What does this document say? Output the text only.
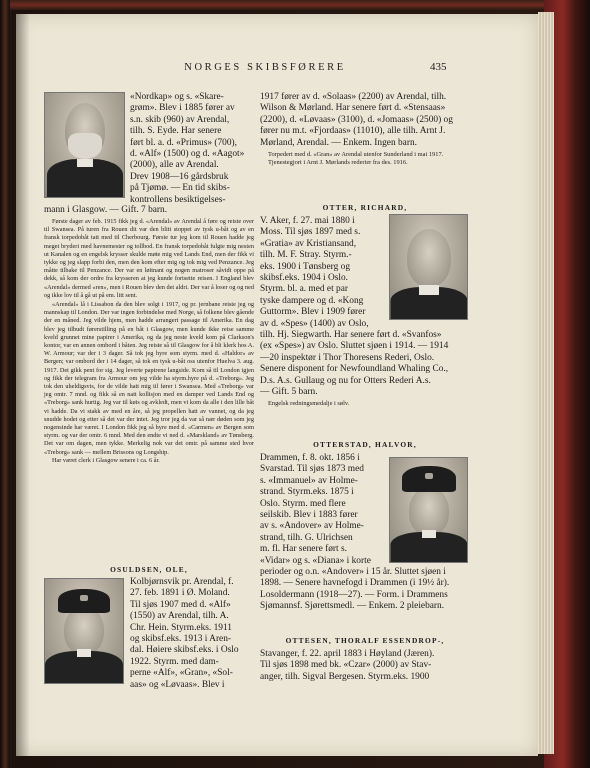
NORGES SKIBSFØRERE	435

«Nordkap» og s. «Skare-

grøm». Blev i 1885 fører av

s.n. skib (960) av Arendal,

tilh. S. Eyde. Har senere

ført bl. a. d. «Primus» (700),

d. «Alf» (1500) og d. «Aagot»

(2000), alle av Arendal.

Drev 1908—16 gårdsbruk

på Tjømø. — En tid skibs-

kontrollens besiktigelses-

mann i Glasgow. — Gift. 7 barn.

Første dager av feb. 1915 fikk jeg d. «Arendal» av Arendal å føre og reiste over til Swansea. På turen fra Rouen dit var den blitt stoppet av tysk u-båt og av en fransk torpedobåt tatt med til Cherbourg. Første tur jeg kom til Rouen hadde jeg meget bryderi med havnemester og tollbod. En fransk torpedobåt fulgte mig nesten ut Kanalen og en engelsk krysser skulde møte mig ved Lands End, men der fikk vi tykke og jeg slapp forbi den, men den kom efter mig og tok mig ved Penzance. Jeg måtte tilbake til Penzance. Der var en løitnant og nogen matroser såvidt oppe på dekk, så kom der ordre fra krysseren at jeg kunde fortsette reisen. I England blev «Arendal» dermed «ren», men i Rouen blev den det aldri. Der var å loser og og ned og ikke lov til å gå ut på em. litt sent.

«Arendal» lå i Lissabon da den blev solgt i 1917, og pr. jernbane reiste jeg og mannskap til London. Der var ingen forbindelse med Norge, så folkene blev gående der en måned. Jeg vilde hjem, men hadde arrangert passage til Amerika. En dag blev jeg tilbudt førerstilling på en båt i Glasgow, men kunde ikke reise samme kveld grunnet mine papirer i Amerika, og da jeg neste kveld kom på Clarkson's kontor, var en annen ombord i båten. Jeg reiste så til Glasgow for å bli klerk hos A. W. Armour; var der i 3 dager. Så tok jeg hyre som styrm. med d. «Haldor» av Bergen; var ombord der i 14 dager, så tok en tysk u-båt oss utenfor Huelva 3. aug. 1917. Det gikk pent for sig. Jeg leverte papirene langside. Kom så til London igjen og fikk der telegram fra Armour om jeg vilde ha styrm.hyre på d. «Treborg». Jeg tok den uheldigsvis, for de vilde hatt mig til fører i Swansea. Med «Treborg» var jeg omtr. 7 mnd. og fikk så en natt kollisjon med en damper ved Lands End og «Treborg» sank hurtig. Jeg var til køis og avkledt, men vi kom da alle i den lille båt vi hadde. Da vi stakk av med en åre, så jeg propellen hatt av vannet, og da jeg snudde hodet og etter så det var der intet. Jeg tror jeg da var så nær døden som jeg nogensinde har været. I London fikk jeg så hyre med d. «Carmen» av Bergen som styrm. og var der omtr. 6 mnd. Med den endte vi ned d. «Marskland» av Tønsberg. Det var om dagen, men tykke. Merkelig nok var det omtr. på samme sted hvor «Treborg» sank — mellem Brissons og Longship.

Har været clerk i Glasgow senere i ca. 6 år.

OSULDSEN, OLE,

Kolbjørnsvik pr. Arendal, f.

27. feb. 1891 i Ø. Moland.

Til sjøs 1907 med d. «Alf»

(1550) av Arendal, tilh. A.

Chr. Hein. Styrm.eks. 1911

og skibsf.eks. 1913 i Aren-

dal. Høiere skibsf.eks. i Oslo

1922. Styrm. med dam-

perne «Alf», «Gran», «Sol-

aas» og «Løvaas». Blev i

1917 fører av d. «Solaas» (2200) av Arendal, tilh.

Wilson & Mørland. Har senere ført d. «Stensaas»

(2200), d. «Løvaas» (3100), d. «Jomaas» (2500) og

fører nu m.t. «Fjordaas» (11010), alle tilh. Arnt J.

Mørland, Arendal. — Enkem. Ingen barn.

Torpedert med d. «Gran» av Arendal utenfor Sunderland i mai 1917.

Tjenestegjort i Arnt J. Mørlands rederier fra des. 1916.

OTTER, RICHARD,

V. Aker, f. 27. mai 1880 i

Moss. Til sjøs 1897 med s.

«Gratia» av Kristiansand,

tilh. M. F. Stray. Styrm.-

eks. 1900 i Tønsberg og

skibsf.eks. 1904 i Oslo.

Styrm. bl. a. med et par

tyske dampere og d. «Kong

Guttorm». Blev i 1909 fører

av d. «Spes» (1400) av Oslo,

tilh. Hj. Siegwarth. Har senere ført d. «Svanfos»

(ex «Spes») av Oslo. Sluttet sjøen i 1914. — 1914

—20 inspektør i Thor Thoresens Rederi, Oslo.

Senere disponent for Newfoundland Whaling Co.,

D.s. A.s. Gullaug og nu for Otters Rederi A.s.

— Gift. 5 barn.

Engelsk redningsmedalje i sølv.

OTTERSTAD, HALVOR,

Drammen, f. 8. okt. 1856 i

Svarstad. Til sjøs 1873 med

s. «Immanuel» av Holme-

strand. Styrm.eks. 1875 i

Oslo. Styrm. med flere

seilskib. Blev i 1883 fører

av s. «Andover» av Holme-

strand, tilh. G. Ulrichsen

m. fl. Har senere ført s.

«Vidar» og s. «Diana» i korte

perioder og o.n. «Andover» i 15 år. Sluttet sjøen i

1898. — Senere havnefogd i Drammen (i 19½ år).

Losoldermann (1918—27). — Form. i Drammens

Sjømannsf. Sjørettsmedl. — Enkem. 2 pleiebarn.

OTTESEN, THORALF ESSENDROP-,

Stavanger, f. 22. april 1883 i Høyland (Jæren).

Til sjøs 1898 med bk. «Czar» (2000) av Stav-

anger, tilh. Sigval Bergesen. Styrm.eks. 1900
